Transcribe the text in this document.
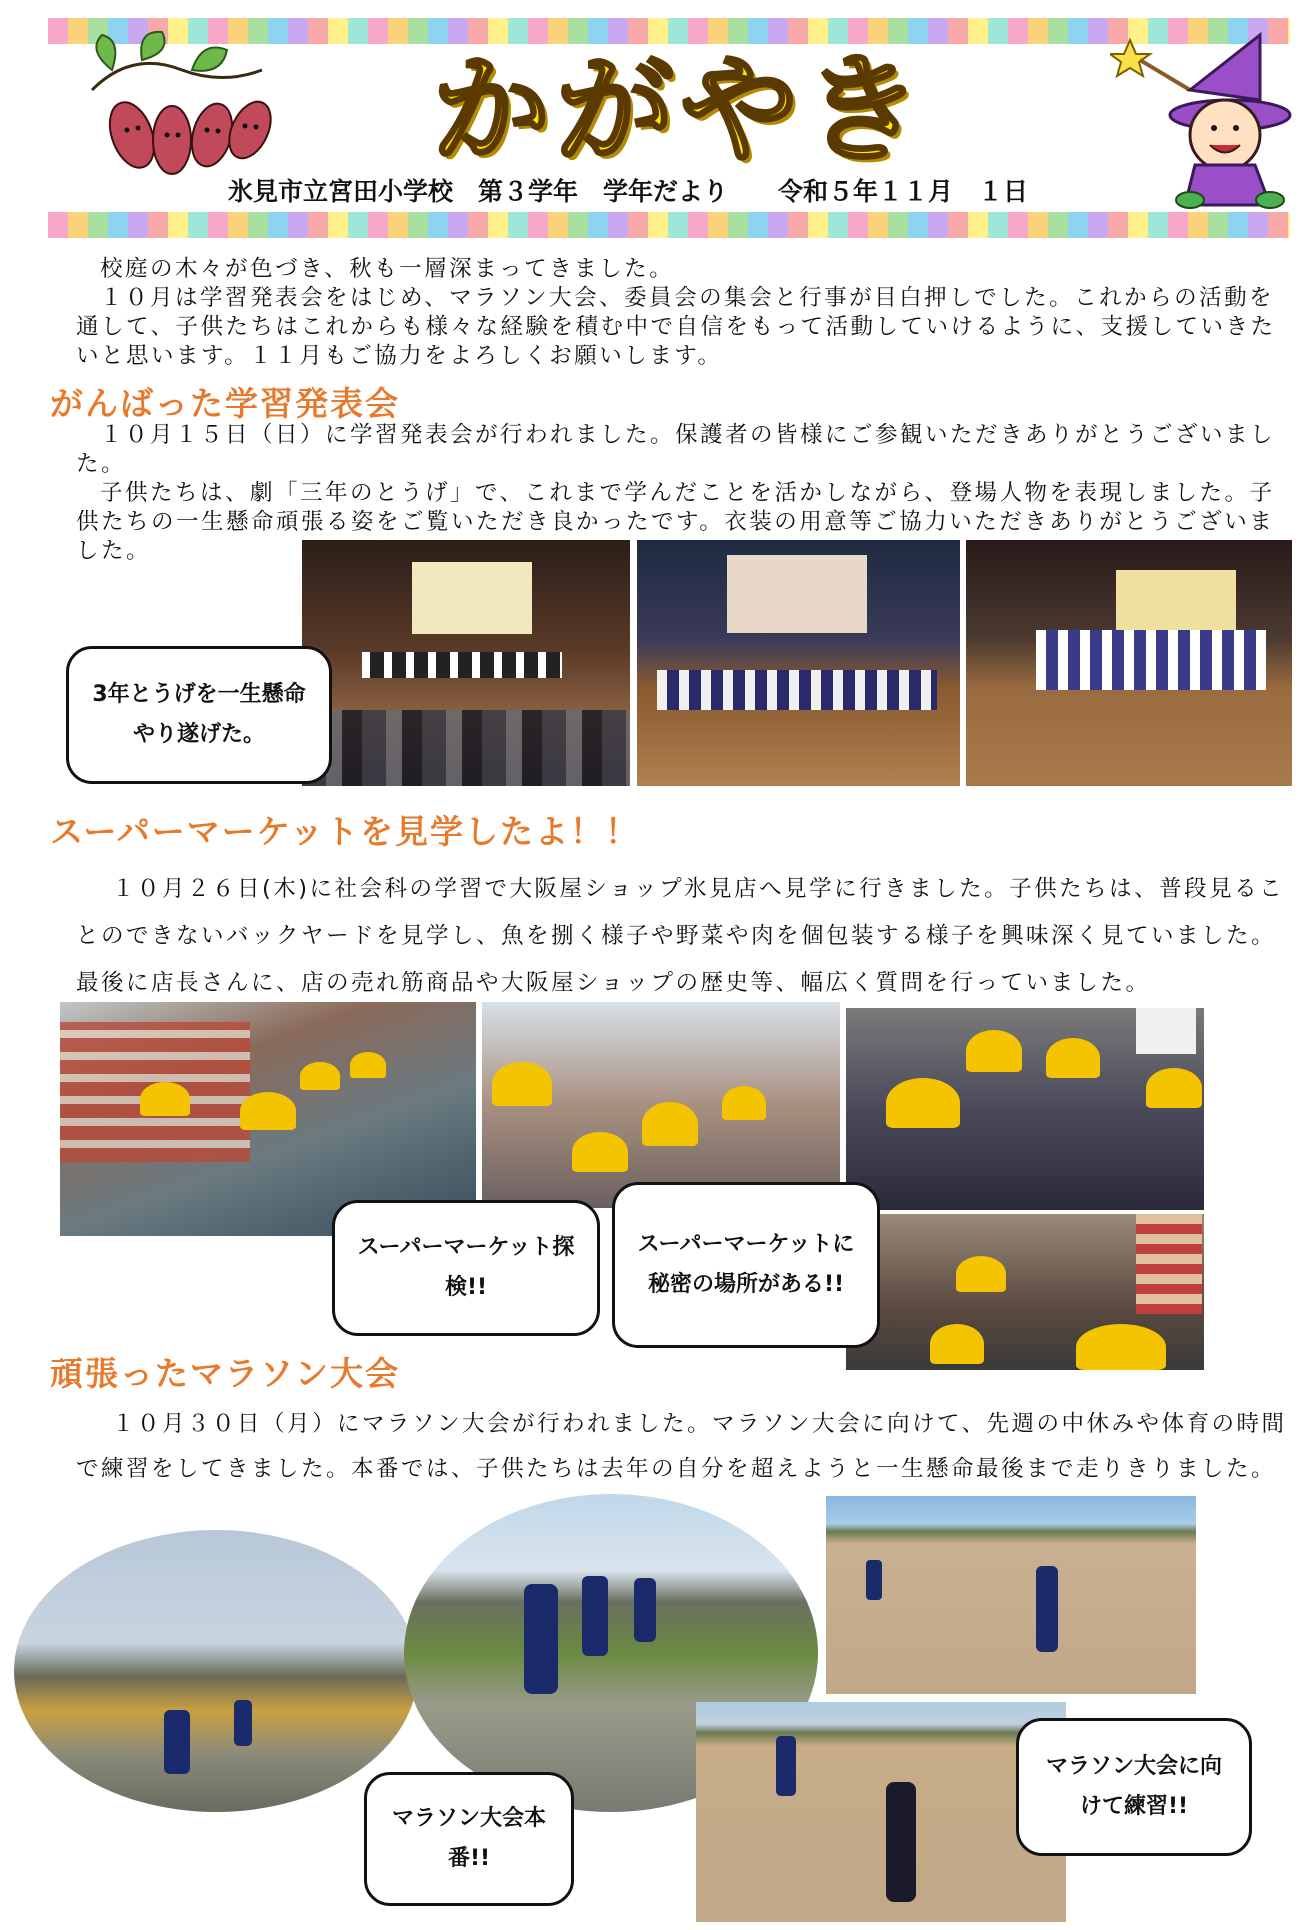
かがやき
氷見市立宮田小学校　第３学年　学年だより　　令和５年１１月　１日
校庭の木々が色づき、秋も一層深まってきました。
１０月は学習発表会をはじめ、マラソン大会、委員会の集会と行事が目白押しでした。これからの活動を通して、子供たちはこれからも様々な経験を積む中で自信をもって活動していけるように、支援していきたいと思います。１１月もご協力をよろしくお願いします。
がんばった学習発表会
１０月１５日（日）に学習発表会が行われました。保護者の皆様にご参観いただきありがとうございました。
子供たちは、劇「三年のとうげ」で、これまで学んだことを活かしながら、登場人物を表現しました。子供たちの一生懸命頑張る姿をご覧いただき良かったです。衣装の用意等ご協力いただきありがとうございました。
3年とうげを一生懸命やり遂げた。
スーパーマーケットを見学したよ！！
１０月２６日(木)に社会科の学習で大阪屋ショップ氷見店へ見学に行きました。子供たちは、普段見ることのできないバックヤードを見学し、魚を捌く様子や野菜や肉を個包装する様子を興味深く見ていました。最後に店長さんに、店の売れ筋商品や大阪屋ショップの歴史等、幅広く質問を行っていました。
スーパーマーケット探検!!
スーパーマーケットに秘密の場所がある!!
頑張ったマラソン大会
１０月３０日（月）にマラソン大会が行われました。マラソン大会に向けて、先週の中休みや体育の時間で練習をしてきました。本番では、子供たちは去年の自分を超えようと一生懸命最後まで走りきりました。
マラソン大会本番!!
マラソン大会に向けて練習!!
